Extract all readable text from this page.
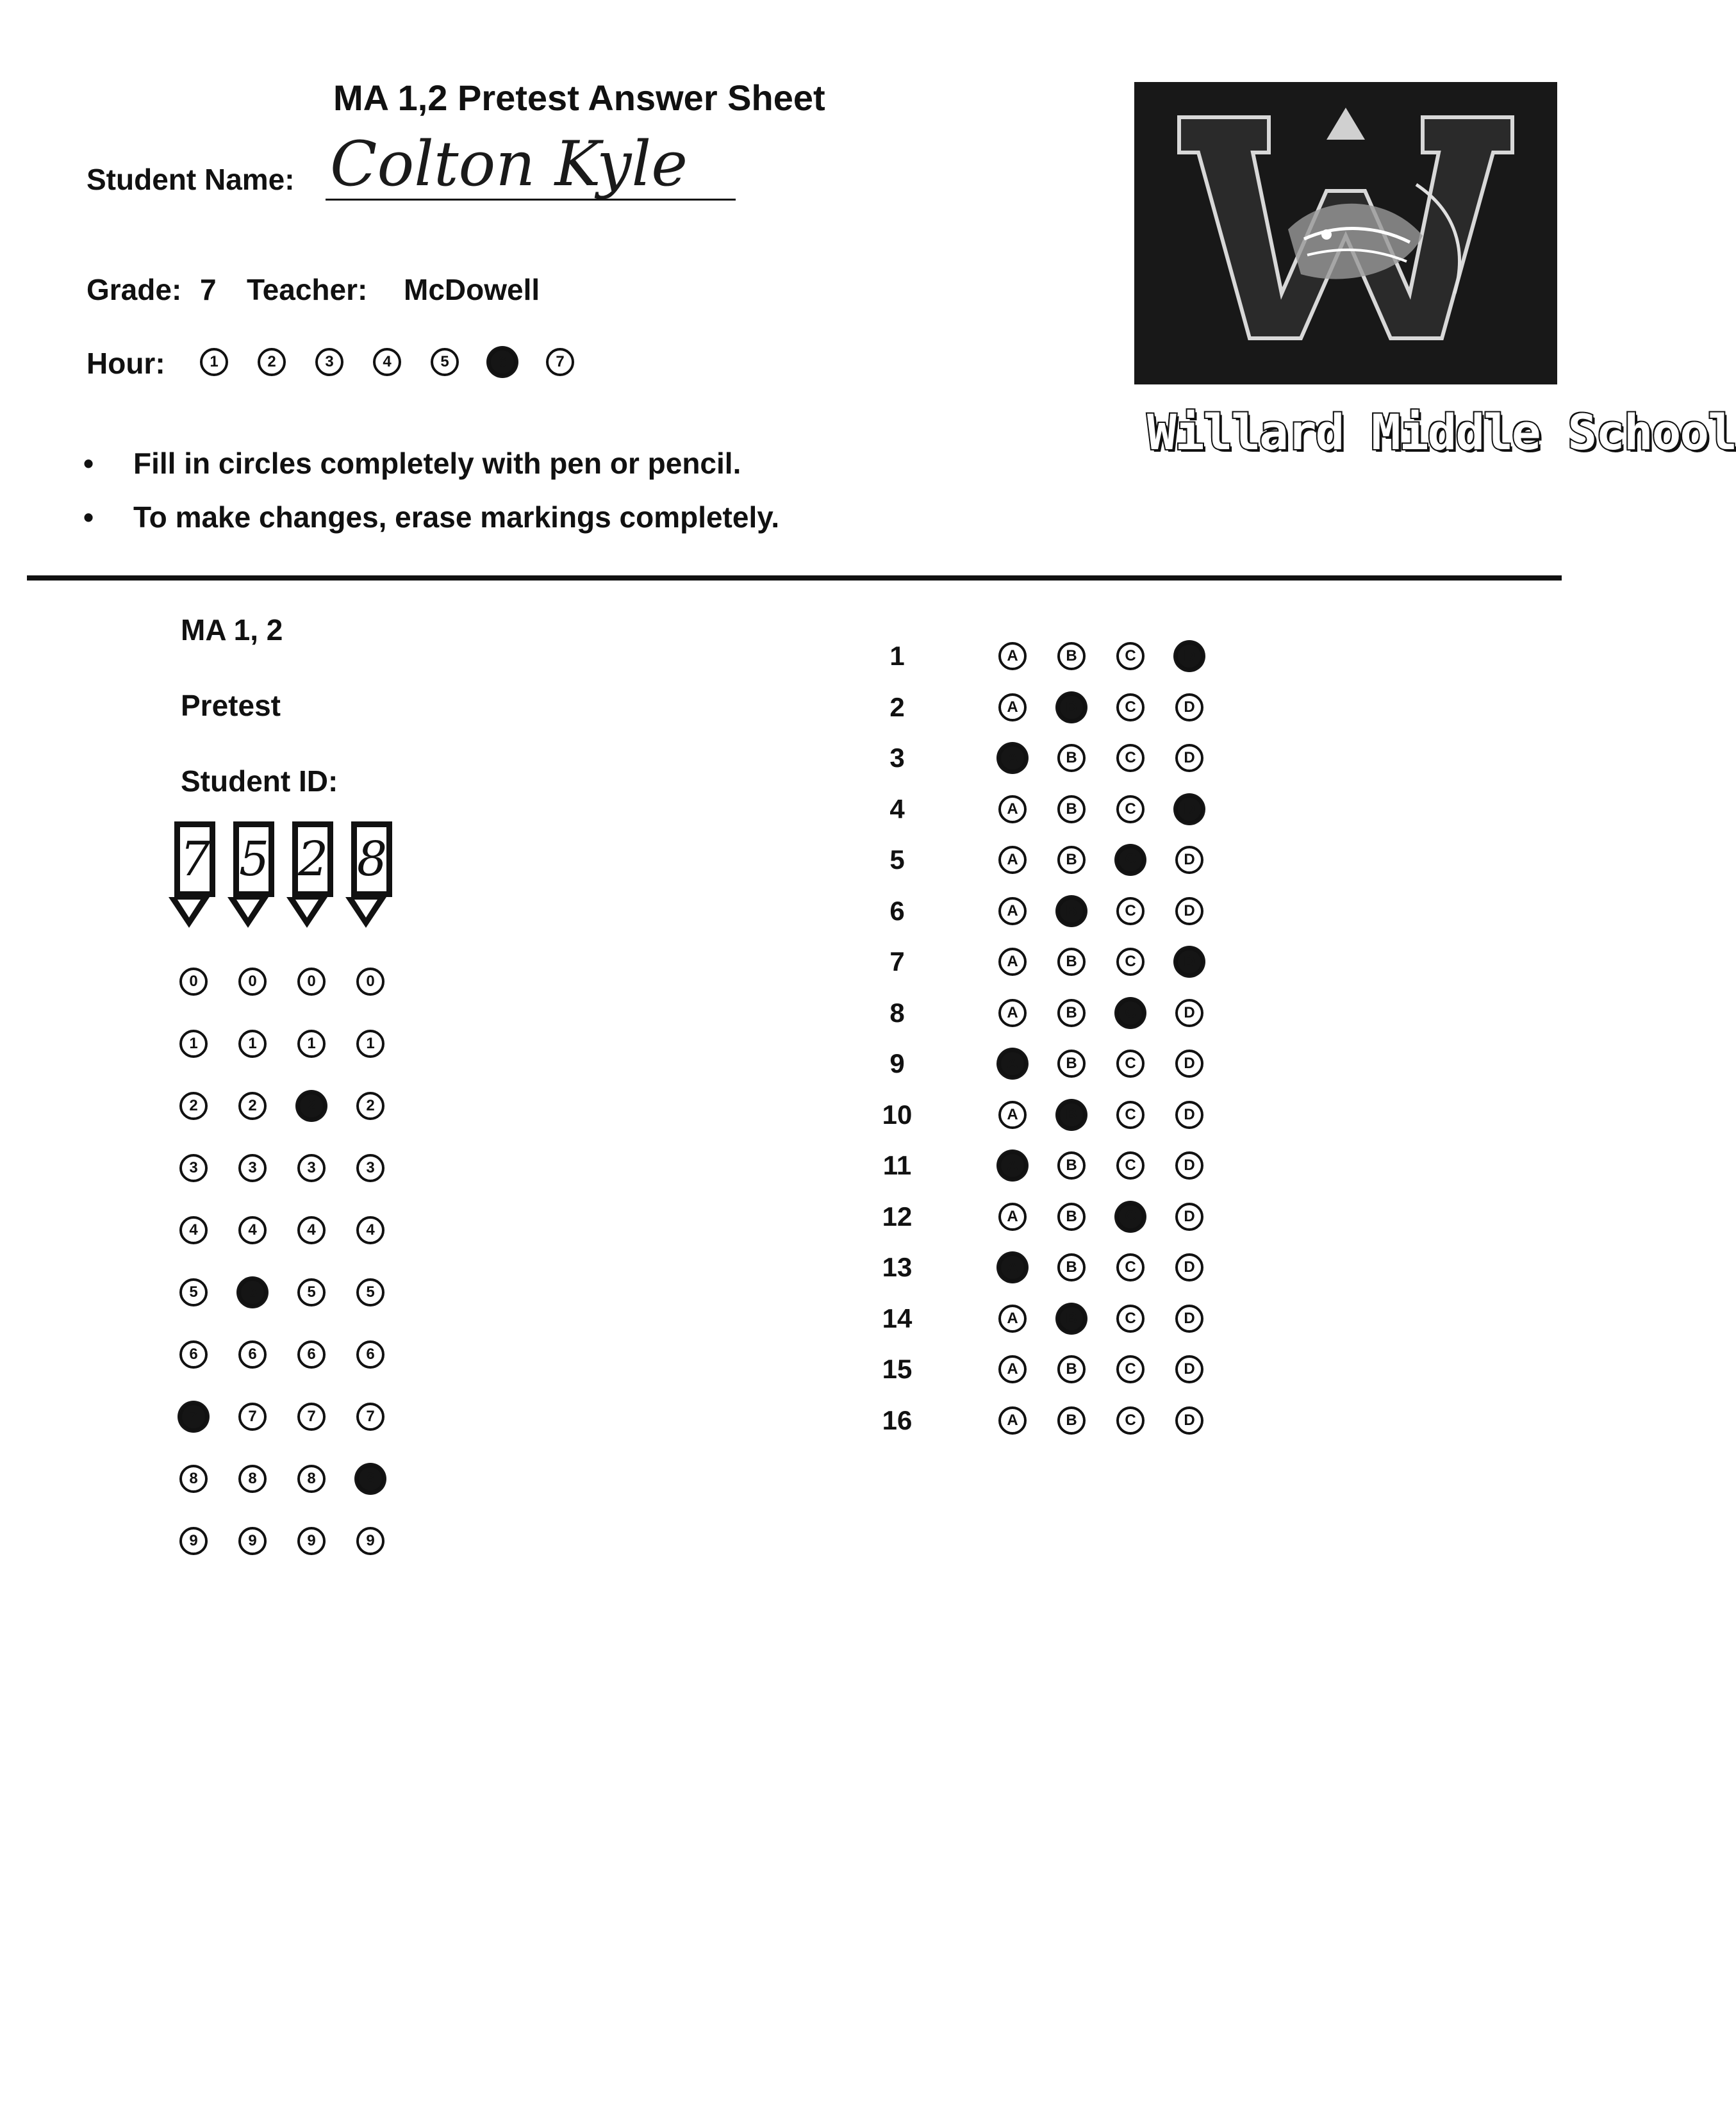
MA 1,2 Pretest Answer Sheet
Student Name: Colton Kyle
Grade: 7 Teacher: McDowell
Hour:	1	2	3	4	5	6	7
• Fill in circles completely with pen or pencil.
• To make changes, erase markings completely.
Willard Middle School
MA 1, 2
Pretest
Student ID:
7 5 2 8
0	0	0	0
1	1	1	1
2	2	2	2
3	3	3	3
4	4	4	4
5	5	5	5
6	6	6	6
7	7	7	7
8	8	8	8
9	9	9	9
1	A	B	C	D
2	A	B	C	D
3	A	B	C	D
4	A	B	C	D
5	A	B	C	D
6	A	B	C	D
7	A	B	C	D
8	A	B	C	D
9	A	B	C	D
10	A	B	C	D
11	A	B	C	D
12	A	B	C	D
13	A	B	C	D
14	A	B	C	D
15	A	B	C	D
16	A	B	C	D
